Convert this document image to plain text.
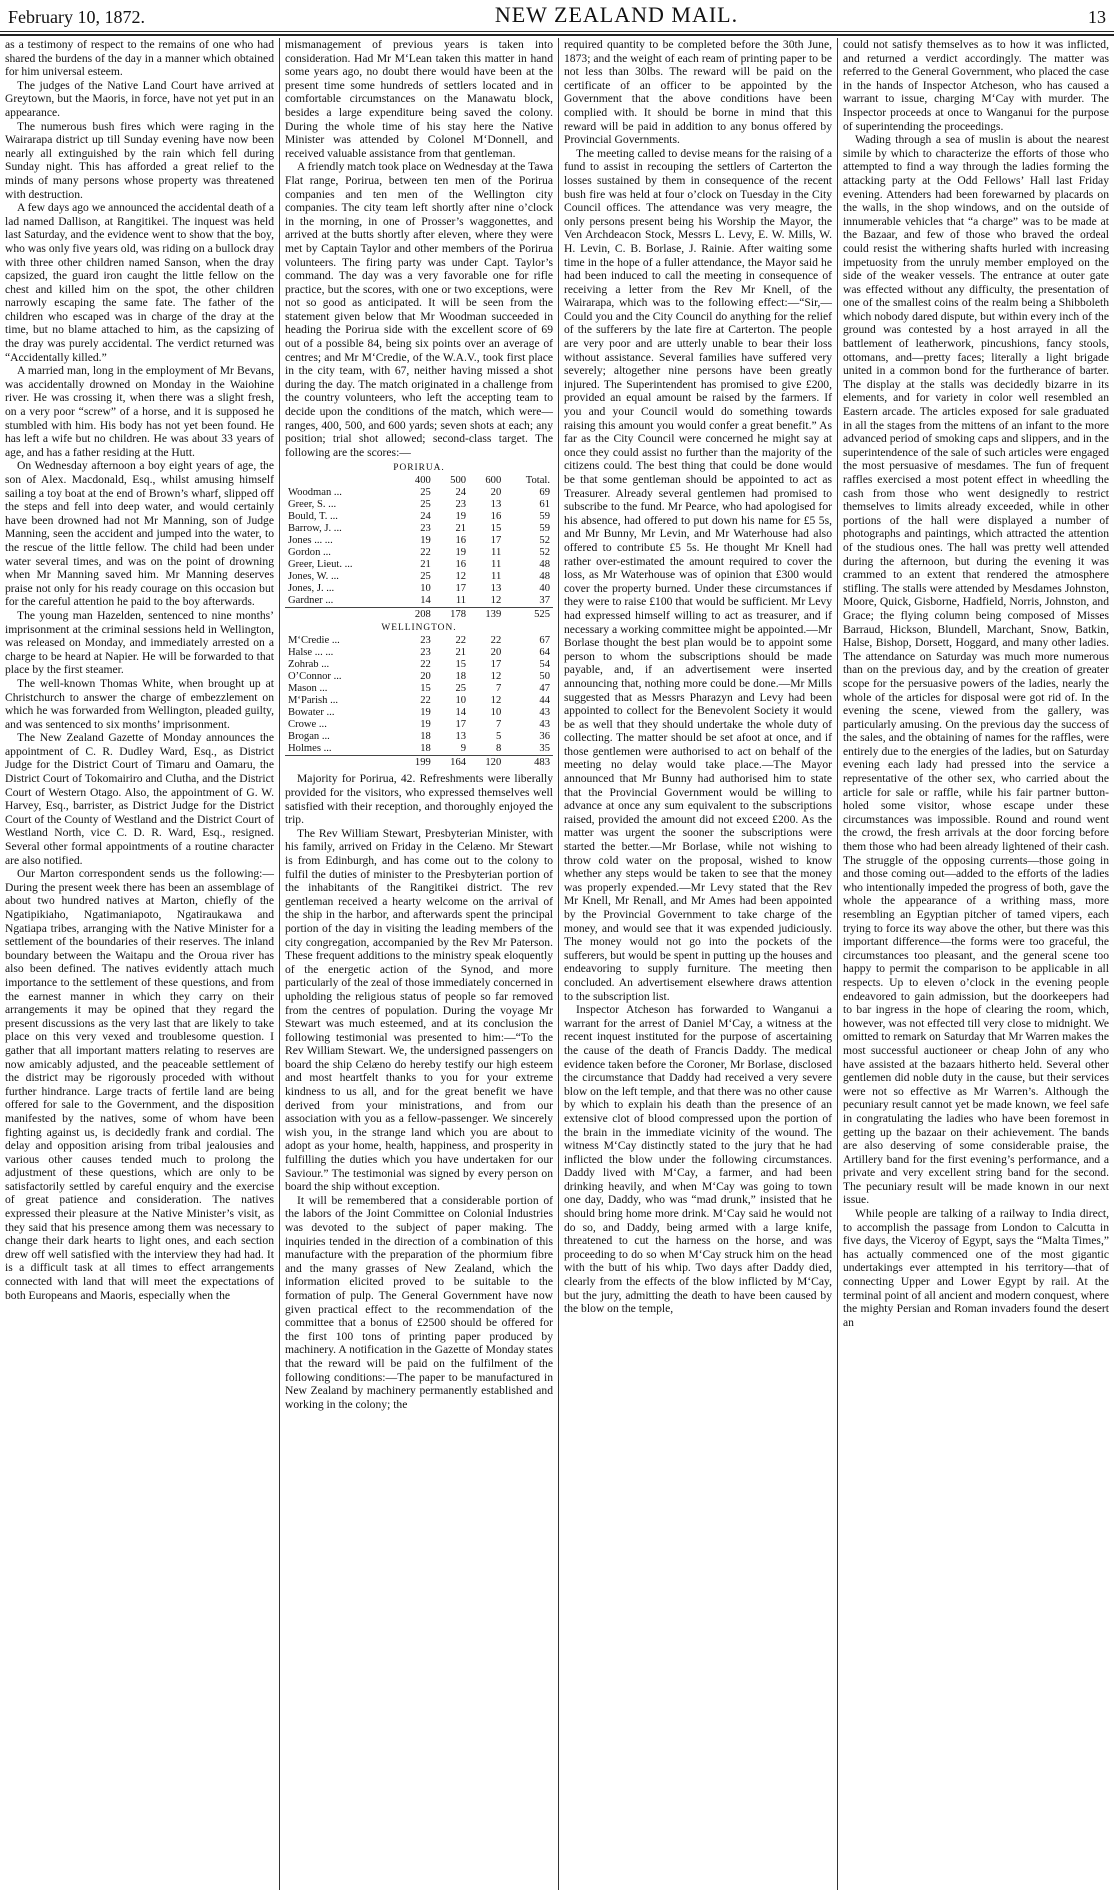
February 10, 1872.	NEW ZEALAND MAIL.	13

as a testimony of respect to the remains of one who had shared the burdens of the day in a manner which obtained for him universal esteem.

The judges of the Native Land Court have arrived at Greytown, but the Maoris, in force, have not yet put in an appearance.

The numerous bush fires which were raging in the Wairarapa district up till Sunday evening have now been nearly all extinguished by the rain which fell during Sunday night. This has afforded a great relief to the minds of many persons whose property was threatened with destruction.

A few days ago we announced the accidental death of a lad named Dallison, at Rangitikei. The inquest was held last Saturday, and the evidence went to show that the boy, who was only five years old, was riding on a bullock dray with three other children named Sanson, when the dray capsized, the guard iron caught the little fellow on the chest and killed him on the spot, the other children narrowly escaping the same fate. The father of the children who escaped was in charge of the dray at the time, but no blame attached to him, as the capsizing of the dray was purely accidental. The verdict returned was “Accidentally killed.”

A married man, long in the employment of Mr Bevans, was accidentally drowned on Monday in the Waiohine river. He was crossing it, when there was a slight fresh, on a very poor “screw” of a horse, and it is supposed he stumbled with him. His body has not yet been found. He has left a wife but no children. He was about 33 years of age, and has a father residing at the Hutt.

On Wednesday afternoon a boy eight years of age, the son of Alex. Macdonald, Esq., whilst amusing himself sailing a toy boat at the end of Brown’s wharf, slipped off the steps and fell into deep water, and would certainly have been drowned had not Mr Manning, son of Judge Manning, seen the accident and jumped into the water, to the rescue of the little fellow. The child had been under water several times, and was on the point of drowning when Mr Manning saved him. Mr Manning deserves praise not only for his ready courage on this occasion but for the careful attention he paid to the boy afterwards.

The young man Hazelden, sentenced to nine months’ imprisonment at the criminal sessions held in Wellington, was released on Monday, and immediately arrested on a charge to be heard at Napier. He will be forwarded to that place by the first steamer.

The well-known Thomas White, when brought up at Christchurch to answer the charge of embezzlement on which he was forwarded from Wellington, pleaded guilty, and was sentenced to six months’ imprisonment.

The New Zealand Gazette of Monday announces the appointment of C. R. Dudley Ward, Esq., as District Judge for the District Court of Timaru and Oamaru, the District Court of Tokomairiro and Clutha, and the District Court of Western Otago. Also, the appointment of G. W. Harvey, Esq., barrister, as District Judge for the District Court of the County of Westland and the District Court of Westland North, vice C. D. R. Ward, Esq., resigned. Several other formal appointments of a routine character are also notified.

Our Marton correspondent sends us the following:—During the present week there has been an assemblage of about two hundred natives at Marton, chiefly of the Ngatipikiaho, Ngatimaniapoto, Ngatiraukawa and Ngatiapa tribes, arranging with the Native Minister for a settlement of the boundaries of their reserves. The inland boundary between the Waitapu and the Oroua river has also been defined. The natives evidently attach much importance to the settlement of these questions, and from the earnest manner in which they carry on their arrangements it may be opined that they regard the present discussions as the very last that are likely to take place on this very vexed and troublesome question. I gather that all important matters relating to reserves are now amicably adjusted, and the peaceable settlement of the district may be rigorously proceded with without further hindrance. Large tracts of fertile land are being offered for sale to the Government, and the disposition manifested by the natives, some of whom have been fighting against us, is decidedly frank and cordial. The delay and opposition arising from tribal jealousies and various other causes tended much to prolong the adjustment of these questions, which are only to be satisfactorily settled by careful enquiry and the exercise of great patience and consideration. The natives expressed their pleasure at the Native Minister’s visit, as they said that his presence among them was necessary to change their dark hearts to light ones, and each section drew off well satisfied with the interview they had had. It is a difficult task at all times to effect arrangements connected with land that will meet the expectations of both Europeans and Maoris, especially when the

mismanagement of previous years is taken into consideration. Had Mr M‘Lean taken this matter in hand some years ago, no doubt there would have been at the present time some hundreds of settlers located and in comfortable circumstances on the Manawatu block, besides a large expenditure being saved the colony. During the whole time of his stay here the Native Minister was attended by Colonel M‘Donnell, and received valuable assistance from that gentleman.

A friendly match took place on Wednesday at the Tawa Flat range, Porirua, between ten men of the Porirua companies and ten men of the Wellington city companies. The city team left shortly after nine o’clock in the morning, in one of Prosser’s waggonettes, and arrived at the butts shortly after eleven, where they were met by Captain Taylor and other members of the Porirua volunteers. The firing party was under Capt. Taylor’s command. The day was a very favorable one for rifle practice, but the scores, with one or two exceptions, were not so good as anticipated. It will be seen from the statement given below that Mr Woodman succeeded in heading the Porirua side with the excellent score of 69 out of a possible 84, being six points over an average of centres; and Mr M‘Credie, of the W.A.V., took first place in the city team, with 67, neither having missed a shot during the day. The match originated in a challenge from the country volunteers, who left the accepting team to decide upon the conditions of the match, which were—ranges, 400, 500, and 600 yards; seven shots at each; any position; trial shot allowed; second-class target. The following are the scores:—

PORIRUA.				
	400	500	600	Total.
Woodman ...	25	24	20	69
Greer, S. ...	25	23	13	61
Bould, T. ...	24	19	16	59
Barrow, J. ...	23	21	15	59
Jones ... ...	19	16	17	52
Gordon ...	22	19	11	52
Greer, Lieut. ...	21	16	11	48
Jones, W. ...	25	12	11	48
Jones, J. ...	10	17	13	40
Gardner ...	14	11	12	37
	208	178	139	525
WELLINGTON.				
M‘Credie ...	23	22	22	67
Halse ... ...	23	21	20	64
Zohrab ...	22	15	17	54
O’Connor ...	20	18	12	50
Mason ...	15	25	7	47
M‘Parish ...	22	10	12	44
Bowater ...	19	14	10	43
Crowe ...	19	17	7	43
Brogan ...	18	13	5	36
Holmes ...	18	9	8	35
	199	164	120	483

Majority for Porirua, 42. Refreshments were liberally provided for the visitors, who expressed themselves well satisfied with their reception, and thoroughly enjoyed the trip.

The Rev William Stewart, Presbyterian Minister, with his family, arrived on Friday in the Celæno. Mr Stewart is from Edinburgh, and has come out to the colony to fulfil the duties of minister to the Presbyterian portion of the inhabitants of the Rangitikei district. The rev gentleman received a hearty welcome on the arrival of the ship in the harbor, and afterwards spent the principal portion of the day in visiting the leading members of the city congregation, accompanied by the Rev Mr Paterson. These frequent additions to the ministry speak eloquently of the energetic action of the Synod, and more particularly of the zeal of those immediately concerned in upholding the religious status of people so far removed from the centres of population. During the voyage Mr Stewart was much esteemed, and at its conclusion the following testimonial was presented to him:—“To the Rev William Stewart. We, the undersigned passengers on board the ship Celæno do hereby testify our high esteem and most heartfelt thanks to you for your extreme kindness to us all, and for the great benefit we have derived from your ministrations, and from our association with you as a fellow-passenger. We sincerely wish you, in the strange land which you are about to adopt as your home, health, happiness, and prosperity in fulfilling the duties which you have undertaken for our Saviour.” The testimonial was signed by every person on board the ship without exception.

It will be remembered that a considerable portion of the labors of the Joint Committee on Colonial Industries was devoted to the subject of paper making. The inquiries tended in the direction of a combination of this manufacture with the preparation of the phormium fibre and the many grasses of New Zealand, which the information elicited proved to be suitable to the formation of pulp. The General Government have now given practical effect to the recommendation of the committee that a bonus of £2500 should be offered for the first 100 tons of printing paper produced by machinery. A notification in the Gazette of Monday states that the reward will be paid on the fulfilment of the following conditions:—The paper to be manufactured in New Zealand by machinery permanently established and working in the colony; the

required quantity to be completed before the 30th June, 1873; and the weight of each ream of printing paper to be not less than 30lbs. The reward will be paid on the certificate of an officer to be appointed by the Government that the above conditions have been complied with. It should be borne in mind that this reward will be paid in addition to any bonus offered by Provincial Governments.

The meeting called to devise means for the raising of a fund to assist in recouping the settlers of Carterton the losses sustained by them in consequence of the recent bush fire was held at four o’clock on Tuesday in the City Council offices. The attendance was very meagre, the only persons present being his Worship the Mayor, the Ven Archdeacon Stock, Messrs L. Levy, E. W. Mills, W. H. Levin, C. B. Borlase, J. Rainie. After waiting some time in the hope of a fuller attendance, the Mayor said he had been induced to call the meeting in consequence of receiving a letter from the Rev Mr Knell, of the Wairarapa, which was to the following effect:—“Sir,—Could you and the City Council do anything for the relief of the sufferers by the late fire at Carterton. The people are very poor and are utterly unable to bear their loss without assistance. Several families have suffered very severely; altogether nine persons have been greatly injured. The Superintendent has promised to give £200, provided an equal amount be raised by the farmers. If you and your Council would do something towards raising this amount you would confer a great benefit.” As far as the City Council were concerned he might say at once they could assist no further than the majority of the citizens could. The best thing that could be done would be that some gentleman should be appointed to act as Treasurer. Already several gentlemen had promised to subscribe to the fund. Mr Pearce, who had apologised for his absence, had offered to put down his name for £5 5s, and Mr Bunny, Mr Levin, and Mr Waterhouse had also offered to contribute £5 5s. He thought Mr Knell had rather over-estimated the amount required to cover the loss, as Mr Waterhouse was of opinion that £300 would cover the property burned. Under these circumstances if they were to raise £100 that would be sufficient. Mr Levy had expressed himself willing to act as treasurer, and if necessary a working committee might be appointed.—Mr Borlase thought the best plan would be to appoint some person to whom the subscriptions should be made payable, and, if an advertisement were inserted announcing that, nothing more could be done.—Mr Mills suggested that as Messrs Pharazyn and Levy had been appointed to collect for the Benevolent Society it would be as well that they should undertake the whole duty of collecting. The matter should be set afoot at once, and if those gentlemen were authorised to act on behalf of the meeting no delay would take place.—The Mayor announced that Mr Bunny had authorised him to state that the Provincial Government would be willing to advance at once any sum equivalent to the subscriptions raised, provided the amount did not exceed £200. As the matter was urgent the sooner the subscriptions were started the better.—Mr Borlase, while not wishing to throw cold water on the proposal, wished to know whether any steps would be taken to see that the money was properly expended.—Mr Levy stated that the Rev Mr Knell, Mr Renall, and Mr Ames had been appointed by the Provincial Government to take charge of the money, and would see that it was expended judiciously. The money would not go into the pockets of the sufferers, but would be spent in putting up the houses and endeavoring to supply furniture. The meeting then concluded. An advertisement elsewhere draws attention to the subscription list.

Inspector Atcheson has forwarded to Wanganui a warrant for the arrest of Daniel M‘Cay, a witness at the recent inquest instituted for the purpose of ascertaining the cause of the death of Francis Daddy. The medical evidence taken before the Coroner, Mr Borlase, disclosed the circumstance that Daddy had received a very severe blow on the left temple, and that there was no other cause by which to explain his death than the presence of an extensive clot of blood compressed upon the portion of the brain in the immediate vicinity of the wound. The witness M‘Cay distinctly stated to the jury that he had inflicted the blow under the following circumstances. Daddy lived with M‘Cay, a farmer, and had been drinking heavily, and when M‘Cay was going to town one day, Daddy, who was “mad drunk,” insisted that he should bring home more drink. M‘Cay said he would not do so, and Daddy, being armed with a large knife, threatened to cut the harness on the horse, and was proceeding to do so when M‘Cay struck him on the head with the butt of his whip. Two days after Daddy died, clearly from the effects of the blow inflicted by M‘Cay, but the jury, admitting the death to have been caused by the blow on the temple,

could not satisfy themselves as to how it was inflicted, and returned a verdict accordingly. The matter was referred to the General Government, who placed the case in the hands of Inspector Atcheson, who has caused a warrant to issue, charging M‘Cay with murder. The Inspector proceeds at once to Wanganui for the purpose of superintending the proceedings.

Wading through a sea of muslin is about the nearest simile by which to characterize the efforts of those who attempted to find a way through the ladies forming the attacking party at the Odd Fellows’ Hall last Friday evening. Attenders had been forewarned by placards on the walls, in the shop windows, and on the outside of innumerable vehicles that “a charge” was to be made at the Bazaar, and few of those who braved the ordeal could resist the withering shafts hurled with increasing impetuosity from the unruly member employed on the side of the weaker vessels. The entrance at outer gate was effected without any difficulty, the presentation of one of the smallest coins of the realm being a Shibboleth which nobody dared dispute, but within every inch of the ground was contested by a host arrayed in all the battlement of leatherwork, pincushions, fancy stools, ottomans, and—pretty faces; literally a light brigade united in a common bond for the furtherance of barter. The display at the stalls was decidedly bizarre in its elements, and for variety in color well resembled an Eastern arcade. The articles exposed for sale graduated in all the stages from the mittens of an infant to the more advanced period of smoking caps and slippers, and in the superintendence of the sale of such articles were engaged the most persuasive of mesdames. The fun of frequent raffles exercised a most potent effect in wheedling the cash from those who went designedly to restrict themselves to limits already exceeded, while in other portions of the hall were displayed a number of photographs and paintings, which attracted the attention of the studious ones. The hall was pretty well attended during the afternoon, but during the evening it was crammed to an extent that rendered the atmosphere stifling. The stalls were attended by Mesdames Johnston, Moore, Quick, Gisborne, Hadfield, Norris, Johnston, and Grace; the flying column being composed of Misses Barraud, Hickson, Blundell, Marchant, Snow, Batkin, Halse, Bishop, Dorsett, Hoggard, and many other ladies. The attendance on Saturday was much more numerous than on the previous day, and by the creation of greater scope for the persuasive powers of the ladies, nearly the whole of the articles for disposal were got rid of. In the evening the scene, viewed from the gallery, was particularly amusing. On the previous day the success of the sales, and the obtaining of names for the raffles, were entirely due to the energies of the ladies, but on Saturday evening each lady had pressed into the service a representative of the other sex, who carried about the article for sale or raffle, while his fair partner button-holed some visitor, whose escape under these circumstances was impossible. Round and round went the crowd, the fresh arrivals at the door forcing before them those who had been already lightened of their cash. The struggle of the opposing currents—those going in and those coming out—added to the efforts of the ladies who intentionally impeded the progress of both, gave the whole the appearance of a writhing mass, more resembling an Egyptian pitcher of tamed vipers, each trying to force its way above the other, but there was this important difference—the forms were too graceful, the circumstances too pleasant, and the general scene too happy to permit the comparison to be applicable in all respects. Up to eleven o’clock in the evening people endeavored to gain admission, but the doorkeepers had to bar ingress in the hope of clearing the room, which, however, was not effected till very close to midnight. We omitted to remark on Saturday that Mr Warren makes the most successful auctioneer or cheap John of any who have assisted at the bazaars hitherto held. Several other gentlemen did noble duty in the cause, but their services were not so effective as Mr Warren’s. Although the pecuniary result cannot yet be made known, we feel safe in congratulating the ladies who have been foremost in getting up the bazaar on their achievement. The bands are also deserving of some considerable praise, the Artillery band for the first evening’s performance, and a private and very excellent string band for the second. The pecuniary result will be made known in our next issue.

While people are talking of a railway to India direct, to accomplish the passage from London to Calcutta in five days, the Viceroy of Egypt, says the “Malta Times,” has actually commenced one of the most gigantic undertakings ever attempted in his territory—that of connecting Upper and Lower Egypt by rail. At the terminal point of all ancient and modern conquest, where the mighty Persian and Roman invaders found the desert an
